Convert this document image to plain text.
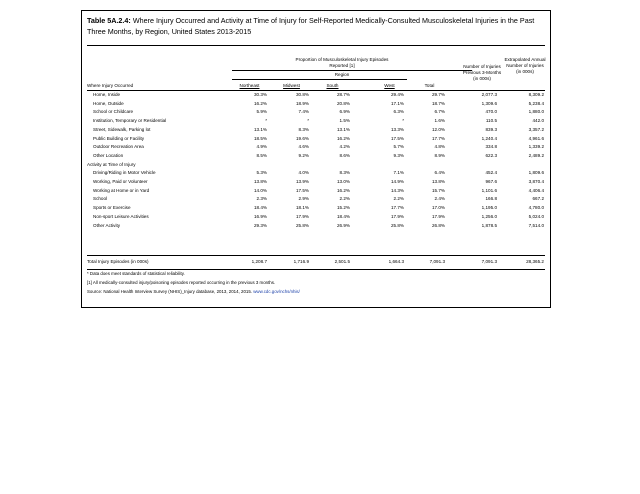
Table 5A.2.4: Where Injury Occurred and Activity at Time of Injury for Self-Reported Medically-Consulted Musculoskeletal Injuries in the Past Three Months, by Region, United States 2013-2015
Proportion of Musculoskeletal Injury Episodes Reported [1]
Region
Number of Injuries Previous 3-Months (in 000s)
Extrapolated Annual Number of Injuries (in 000s)
Where Injury Occurred	Northeast	Midwest	South	West	Total
* Data does meet standards of statistical reliability.
[1] All medically-consulted injury/poisoning episodes reported occurring in the previous 3 months.
Source: National Health Interview Survey (NHIS)_Injury database, 2013, 2014, 2015. www.cdc.gov/nchs/nhis/
Home, Inside	30.3%	30.8%	28.7%	29.4%	29.7%	2,077.3	8,309.2
Home, Outside	16.2%	18.9%	20.8%	17.1%	18.7%	1,309.6	5,238.4
School or Childcare	5.9%	7.4%	6.9%	6.3%	6.7%	470.0	1,880.0
Institution, Temporary or Residential	*	*	1.5%	*	1.6%	110.5	442.0
Street, Sidewalk, Parking lot	13.1%	8.3%	13.1%	13.3%	12.0%	839.3	3,357.2
Public Building or Facility	18.5%	19.6%	16.2%	17.5%	17.7%	1,240.4	4,961.6
Outdoor Recreation Area	4.9%	4.6%	4.2%	5.7%	4.8%	334.8	1,339.2
Other Location	8.5%	9.2%	8.6%	9.3%	8.9%	622.3	2,489.2
Activity at Time of Injury
Driving/Riding in Motor Vehicle	5.3%	4.0%	8.3%	7.1%	6.4%	452.4	1,809.6
Working, Paid or Volunteer	13.8%	13.9%	13.0%	14.9%	13.8%	967.6	3,870.4
Working at Home or in Yard	14.0%	17.5%	16.2%	14.3%	15.7%	1,101.6	4,406.4
School	2.3%	2.9%	2.2%	2.2%	2.4%	166.8	667.2
Sports or Exercise	18.4%	18.1%	15.2%	17.7%	17.0%	1,195.0	4,780.0
Non-sport Leisure Activities	16.9%	17.9%	18.4%	17.9%	17.9%	1,256.0	5,024.0
Other Activity	29.3%	25.8%	26.9%	25.8%	26.8%	1,878.5	7,514.0
Total Injury Episodes (in 000s)	1,208.7	1,716.9	2,501.5	1,664.3	7,091.3	7,091.3	28,365.2
